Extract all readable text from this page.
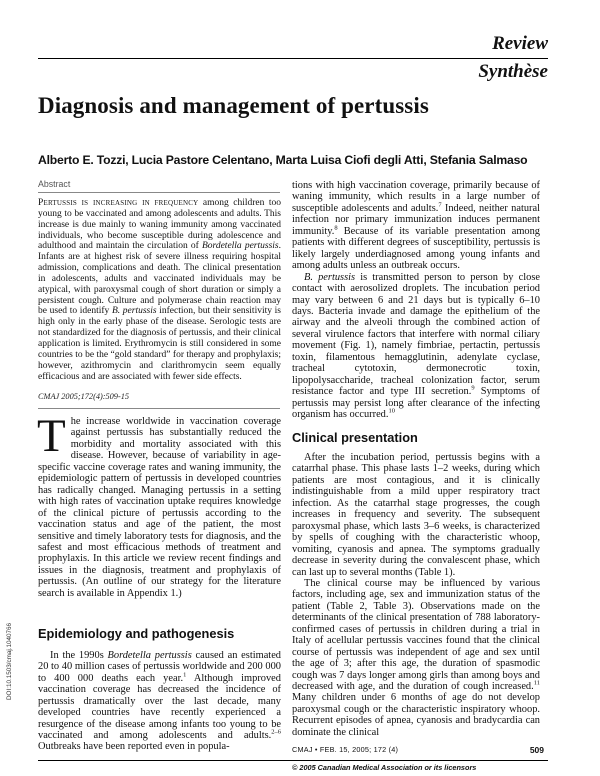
Review
Synthèse
Diagnosis and management of pertussis
Alberto E. Tozzi, Lucia Pastore Celentano, Marta Luisa Ciofi degli Atti, Stefania Salmaso
Abstract
Pertussis is increasing in frequency among children too young to be vaccinated and among adolescents and adults. This increase is due mainly to waning immunity among vaccinated individuals, who become susceptible during adolescence and adulthood and maintain the circulation of Bordetella pertussis. Infants are at highest risk of severe illness requiring hospital admission, complications and death. The clinical presentation in adolescents, adults and vaccinated individuals may be atypical, with paroxysmal cough of short duration or simply a persistent cough. Culture and polymerase chain reaction may be used to identify B. pertussis infection, but their sensitivity is high only in the early phase of the disease. Serologic tests are not standardized for the diagnosis of pertussis, and their clinical application is limited. Erythromycin is still considered in some countries to be the “gold standard” for therapy and prophylaxis; however, azithromycin and clarithromycin seem equally efficacious and are associated with fewer side effects.
CMAJ 2005;172(4):509-15
The increase worldwide in vaccination coverage against pertussis has substantially reduced the morbidity and mortality associated with this disease. However, because of variability in age-specific vaccine coverage rates and waning immunity, the epidemiologic pattern of pertussis in developed countries has radically changed. Managing pertussis in a setting with high rates of vaccination uptake requires knowledge of the clinical picture of pertussis according to the vaccination status and age of the patient, the most sensitive and timely laboratory tests for diagnosis, and the safest and most efficacious methods of treatment and prophylaxis. In this article we review recent findings and issues in the diagnosis, treatment and prophylaxis of pertussis. (An outline of our strategy for the literature search is available in Appendix 1.)
Epidemiology and pathogenesis

In the 1990s Bordetella pertussis caused an estimated 20 to 40 million cases of pertussis worldwide and 200 000 to 400 000 deaths each year.$^1$ Although improved vaccination coverage has decreased the incidence of pertussis dramatically over the last decade, many developed countries have recently experienced a resurgence of the disease among infants too young to be vaccinated and among adolescents and adults.$^{2-6}$ Outbreaks have been reported even in popula-

tions with high vaccination coverage, primarily because of waning immunity, which results in a large number of susceptible adolescents and adults.$^7$ Indeed, neither natural infection nor primary immunization induces permanent immunity.$^8$ Because of its variable presentation among patients with different degrees of susceptibility, pertussis is likely largely underdiagnosed among young infants and among adults unless an outbreak occurs.

B. pertussis is transmitted person to person by close contact with aerosolized droplets. The incubation period may vary between 6 and 21 days but is typically 6–10 days. Bacteria invade and damage the epithelium of the airway and the alveoli through the combined action of several virulence factors that interfere with normal ciliary movement (Fig. 1), namely fimbriae, pertactin, pertussis toxin, filamentous hemagglutinin, adenylate cyclase, tracheal cytotoxin, dermonecrotic toxin, lipopolysaccharide, tracheal colonization factor, serum resistance factor and type III secretion.$^9$ Symptoms of pertussis may persist long after clearance of the infecting organism has occurred.$^{10}$

Clinical presentation

After the incubation period, pertussis begins with a catarrhal phase. This phase lasts 1–2 weeks, during which patients are most contagious, and it is clinically indistinguishable from a mild upper respiratory tract infection. As the catarrhal stage progresses, the cough increases in frequency and severity. The subsequent paroxysmal phase, which lasts 3–6 weeks, is characterized by spells of coughing with the characteristic whoop, vomiting, cyanosis and apnea. The symptoms gradually decrease in severity during the convalescent phase, which can last up to several months (Table 1).

The clinical course may be influenced by various factors, including age, sex and immunization status of the patient (Table 2, Table 3). Observations made on the determinants of the clinical presentation of 788 laboratory-confirmed cases of pertussis in children during a trial in Italy of acellular pertussis vaccines found that the clinical course of pertussis was independent of age and sex until the age of 3; after this age, the duration of spasmodic cough was 7 days longer among girls than among boys and decreased with age, and the duration of cough increased.$^{11}$ Many children under 6 months of age do not develop paroxysmal cough or the characteristic inspiratory whoop. Recurrent episodes of apnea, cyanosis and bradycardia can dominate the clinical

DOI:10.1503/cmaj.1040766
CMAJ • FEB. 15, 2005; 172 (4)	509
© 2005 Canadian Medical Association or its licensors
